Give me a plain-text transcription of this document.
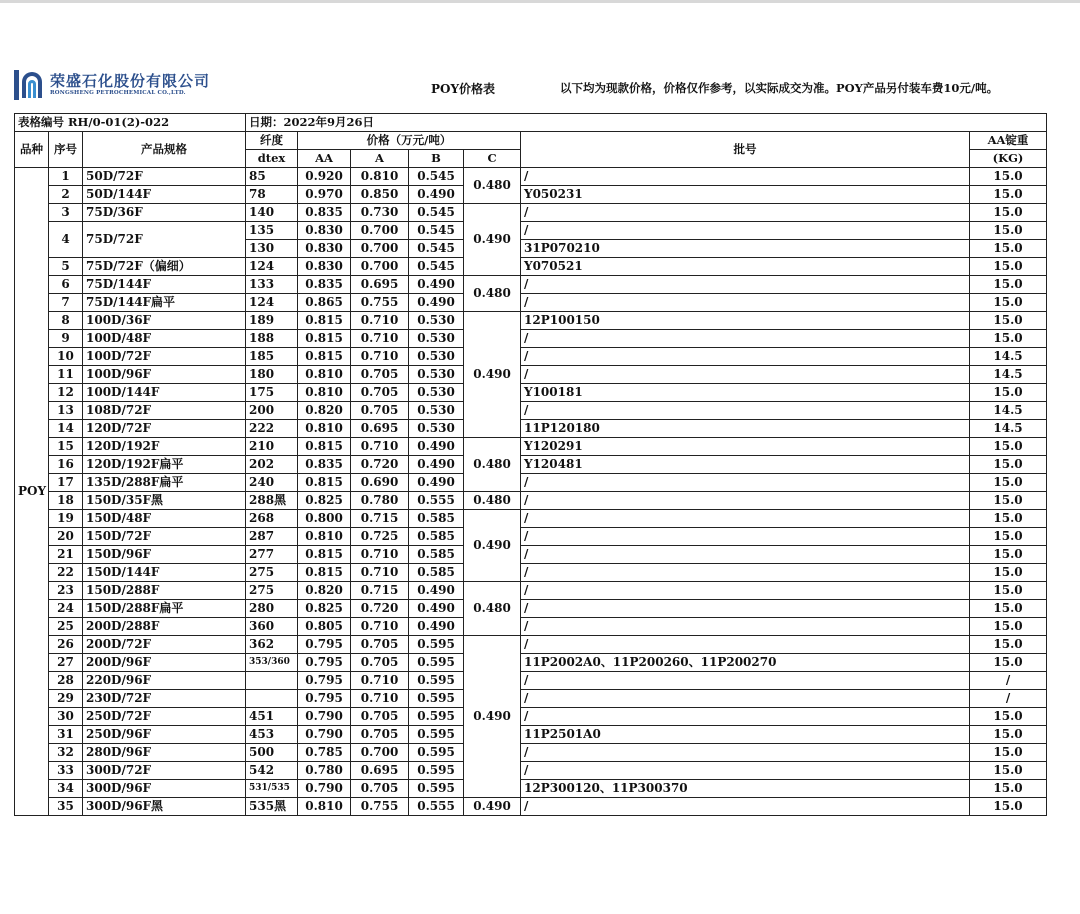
荣盛石化股份有限公司
RONGSHENG PETROCHEMICAL CO.,LTD.	POY价格表	以下均为现款价格，价格仅作参考，以实际成交为准。POY产品另付装车费10元/吨。
表格编号 RH/0-01(2)-022			日期：2022年9月26日						
品种	序号	产品规格	纤度	价格（万元/吨）				批号	AA锭重
			dtex	AA	A	B	C		(KG)
POY	1	50D/72F	85	0.920	0.810	0.545	0.480	/	15.0
	2	50D/144F	78	0.970	0.850	0.490		Y050231	15.0
	3	75D/36F	140	0.835	0.730	0.545	0.490	/	15.0
	4	75D/72F	135	0.830	0.700	0.545		/	15.0
			130	0.830	0.700	0.545		31P070210	15.0
	5	75D/72F（偏细）	124	0.830	0.700	0.545		Y070521	15.0
	6	75D/144F	133	0.835	0.695	0.490	0.480	/	15.0
	7	75D/144F扁平	124	0.865	0.755	0.490		/	15.0
	8	100D/36F	189	0.815	0.710	0.530	0.490	12P100150	15.0
	9	100D/48F	188	0.815	0.710	0.530		/	15.0
	10	100D/72F	185	0.815	0.710	0.530		/	14.5
	11	100D/96F	180	0.810	0.705	0.530		/	14.5
	12	100D/144F	175	0.810	0.705	0.530		Y100181	15.0
	13	108D/72F	200	0.820	0.705	0.530		/	14.5
	14	120D/72F	222	0.810	0.695	0.530		11P120180	14.5
	15	120D/192F	210	0.815	0.710	0.490	0.480	Y120291	15.0
	16	120D/192F扁平	202	0.835	0.720	0.490		Y120481	15.0
	17	135D/288F扁平	240	0.815	0.690	0.490		/	15.0
	18	150D/35F黑	288黑	0.825	0.780	0.555	0.480	/	15.0
	19	150D/48F	268	0.800	0.715	0.585	0.490	/	15.0
	20	150D/72F	287	0.810	0.725	0.585		/	15.0
	21	150D/96F	277	0.815	0.710	0.585		/	15.0
	22	150D/144F	275	0.815	0.710	0.585		/	15.0
	23	150D/288F	275	0.820	0.715	0.490	0.480	/	15.0
	24	150D/288F扁平	280	0.825	0.720	0.490		/	15.0
	25	200D/288F	360	0.805	0.710	0.490		/	15.0
	26	200D/72F	362	0.795	0.705	0.595	0.490	/	15.0
	27	200D/96F	353/360	0.795	0.705	0.595		11P2002A0、11P200260、11P200270	15.0
	28	220D/96F		0.795	0.710	0.595		/	/
	29	230D/72F		0.795	0.710	0.595		/	/
	30	250D/72F	451	0.790	0.705	0.595		/	15.0
	31	250D/96F	453	0.790	0.705	0.595		11P2501A0	15.0
	32	280D/96F	500	0.785	0.700	0.595		/	15.0
	33	300D/72F	542	0.780	0.695	0.595		/	15.0
	34	300D/96F	531/535	0.790	0.705	0.595		12P300120、11P300370	15.0
	35	300D/96F黑	535黑	0.810	0.755	0.555	0.490	/	15.0
